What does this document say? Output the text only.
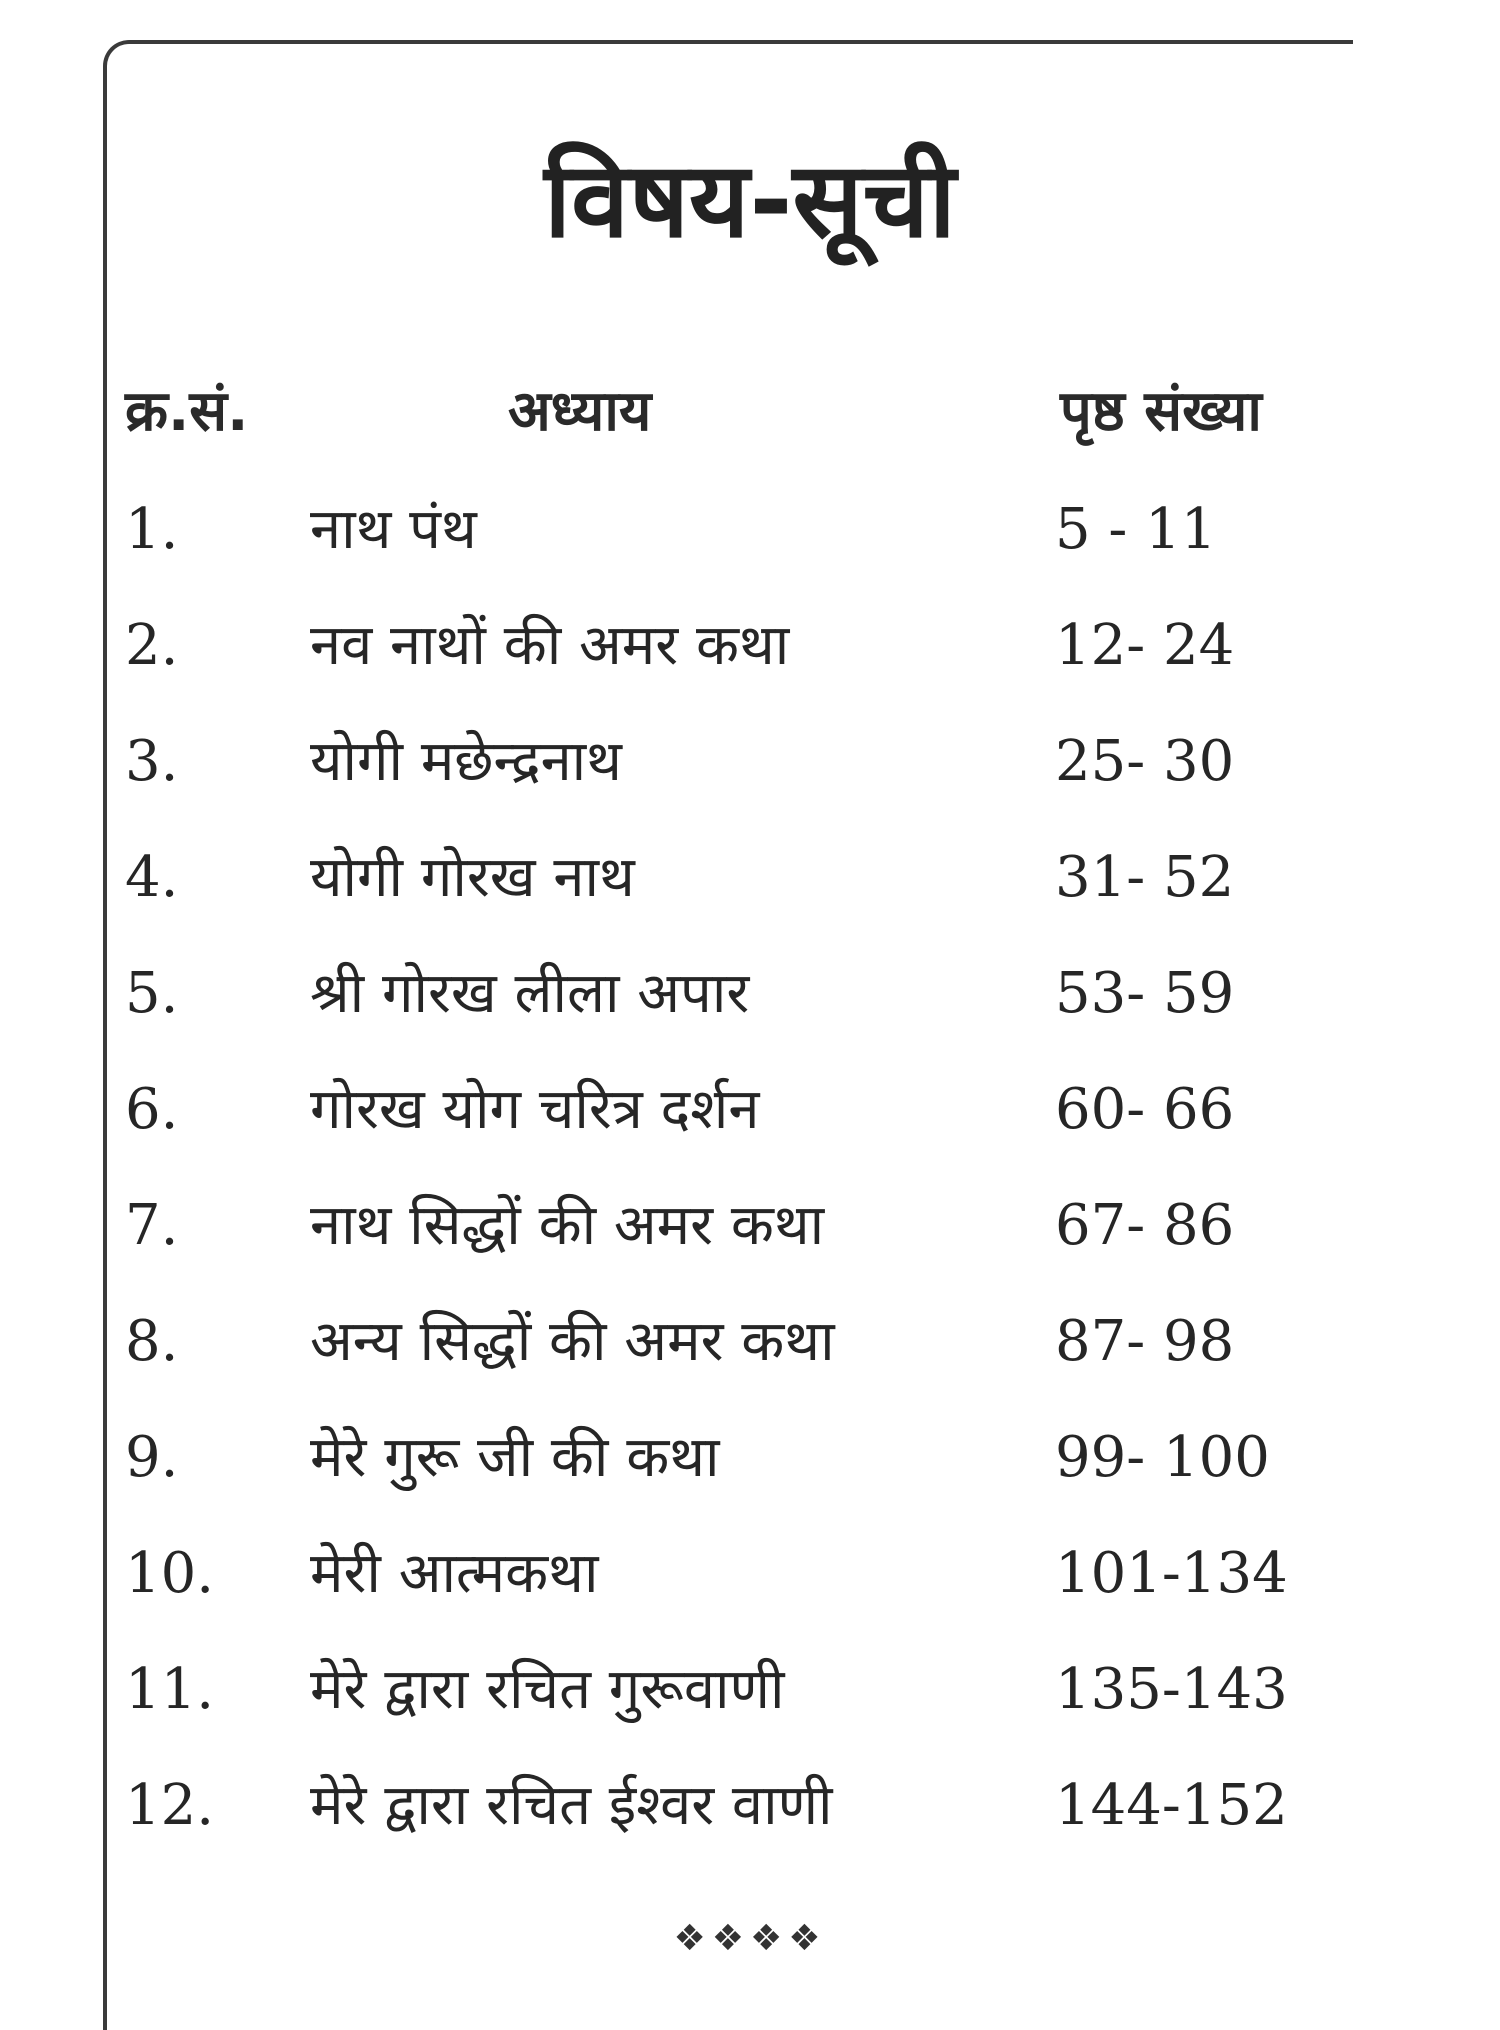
विषय-सूची
क्र.सं.	अध्याय	पृष्ठ संख्या
1. नाथ पंथ	5 - 11
2. नव नाथों की अमर कथा	12- 24
3. योगी मछेन्द्रनाथ	25- 30
4. योगी गोरख नाथ	31- 52
5. श्री गोरख लीला अपार	53- 59
6. गोरख योग चरित्र दर्शन	60- 66
7. नाथ सिद्धों की अमर कथा	67- 86
8. अन्य सिद्धों की अमर कथा	87- 98
9. मेरे गुरू जी की कथा	99- 100
10. मेरी आत्मकथा	101-134
11. मेरे द्वारा रचित गुरूवाणी	135-143
12. मेरे द्वारा रचित ईश्वर वाणी	144-152
❖❖❖❖
